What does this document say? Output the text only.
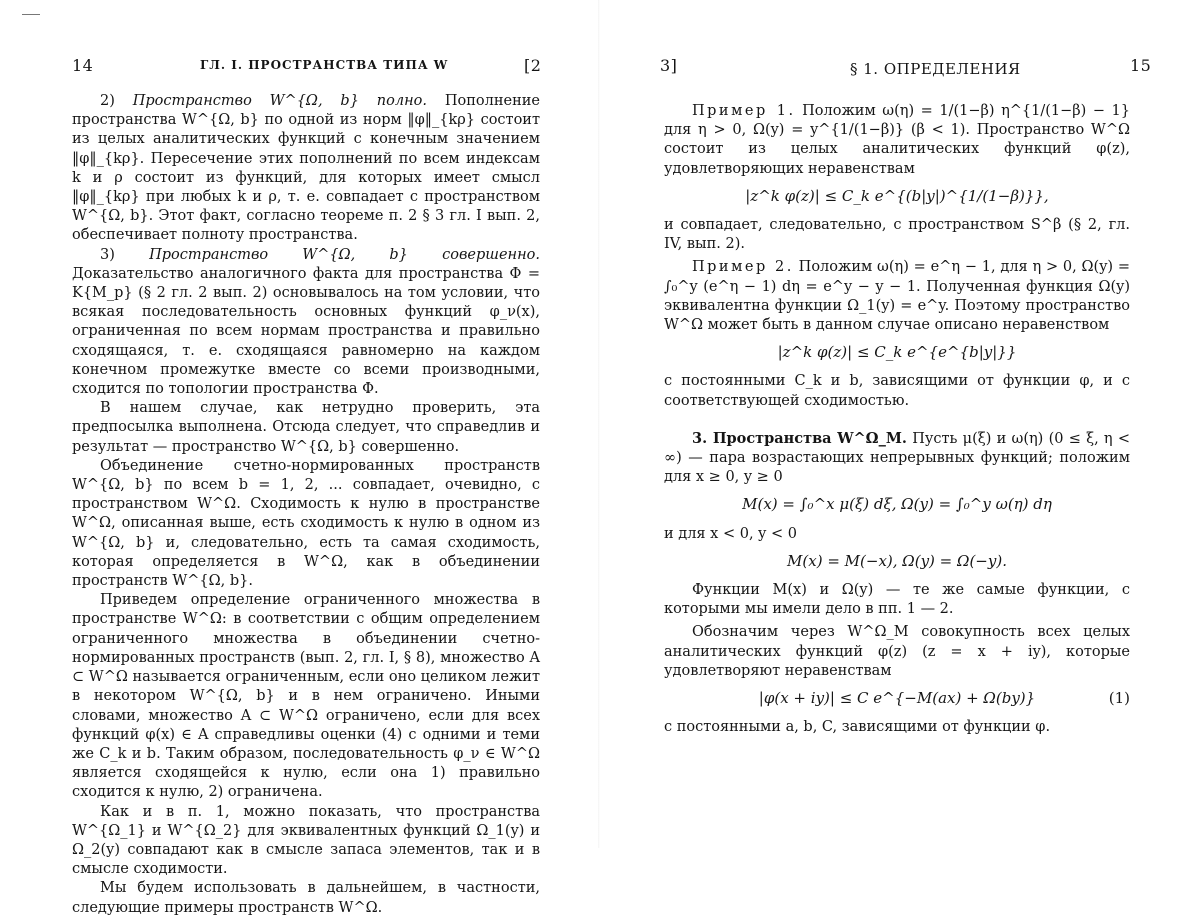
14	ГЛ. I. ПРОСТРАНСТВА ТИПА W	[2

2) Пространство W^{Ω, b} полно. Пополнение пространства W^{Ω, b} по одной из норм ‖φ‖_{kρ} состоит из целых аналитических функций с конечным значением ‖φ‖_{kρ}. Пересечение этих пополнений по всем индексам k и ρ состоит из функций, для которых имеет смысл ‖φ‖_{kρ} при любых k и ρ, т. е. совпадает с пространством W^{Ω, b}. Этот факт, согласно теореме п. 2 § 3 гл. I вып. 2, обеспечивает полноту пространства.

3) Пространство W^{Ω, b} совершенно. Доказательство аналогичного факта для пространства Φ = K{M_p} (§ 2 гл. 2 вып. 2) основывалось на том условии, что всякая последовательность основных функций φ_ν(x), ограниченная по всем нормам пространства и правильно сходящаяся, т. е. сходящаяся равномерно на каждом конечном промежутке вместе со всеми производными, сходится по топологии пространства Φ.

В нашем случае, как нетрудно проверить, эта предпосылка выполнена. Отсюда следует, что справедлив и результат — пространство W^{Ω, b} совершенно.

Объединение счетно-нормированных пространств W^{Ω, b} по всем b = 1, 2, ... совпадает, очевидно, с пространством W^Ω. Сходимость к нулю в пространстве W^Ω, описанная выше, есть сходимость к нулю в одном из W^{Ω, b} и, следовательно, есть та самая сходимость, которая определяется в W^Ω, как в объединении пространств W^{Ω, b}.

Приведем определение ограниченного множества в пространстве W^Ω: в соответствии с общим определением ограниченного множества в объединении счетно-нормированных пространств (вып. 2, гл. I, § 8), множество A ⊂ W^Ω называется ограниченным, если оно целиком лежит в некотором W^{Ω, b} и в нем ограничено. Иными словами, множество A ⊂ W^Ω ограничено, если для всех функций φ(x) ∈ A справедливы оценки (4) с одними и теми же C_k и b. Таким образом, последовательность φ_ν ∈ W^Ω является сходящейся к нулю, если она 1) правильно сходится к нулю, 2) ограничена.

Как и в п. 1, можно показать, что пространства W^{Ω_1} и W^{Ω_2} для эквивалентных функций Ω_1(y) и Ω_2(y) совпадают как в смысле запаса элементов, так и в смысле сходимости.

Мы будем использовать в дальнейшем, в частности, следующие примеры пространств W^Ω.

3]	§ 1. ОПРЕДЕЛЕНИЯ	15

Пример 1. Положим ω(η) = 1/(1−β) η^{1/(1−β) − 1} для η > 0, Ω(y) = y^{1/(1−β)} (β < 1). Пространство W^Ω состоит из целых аналитических функций φ(z), удовлетворяющих неравенствам

|z^k φ(z)| ≤ C_k e^{(b|y|)^{1/(1−β)}},

и совпадает, следовательно, с пространством S^β (§ 2, гл. IV, вып. 2).

Пример 2. Положим ω(η) = e^η − 1, для η > 0, Ω(y) = ∫₀^y (e^η − 1) dη = e^y − y − 1. Полученная функция Ω(y) эквивалентна функции Ω_1(y) = e^y. Поэтому пространство W^Ω может быть в данном случае описано неравенством

|z^k φ(z)| ≤ C_k e^{e^{b|y|}}

с постоянными C_k и b, зависящими от функции φ, и с соответствующей сходимостью.

3. Пространства W^Ω_M. Пусть μ(ξ) и ω(η) (0 ≤ ξ, η < ∞) — пара возрастающих непрерывных функций; положим для x ≥ 0, y ≥ 0

M(x) = ∫₀^x μ(ξ) dξ, Ω(y) = ∫₀^y ω(η) dη

и для x < 0, y < 0

M(x) = M(−x), Ω(y) = Ω(−y).

Функции M(x) и Ω(y) — те же самые функции, с которыми мы имели дело в пп. 1 — 2.

Обозначим через W^Ω_M совокупность всех целых аналитических функций φ(z) (z = x + iy), которые удовлетворяют неравенствам

|φ(x + iy)| ≤ C e^{−M(ax) + Ω(by)}	(1)

с постоянными a, b, C, зависящими от функции φ.
